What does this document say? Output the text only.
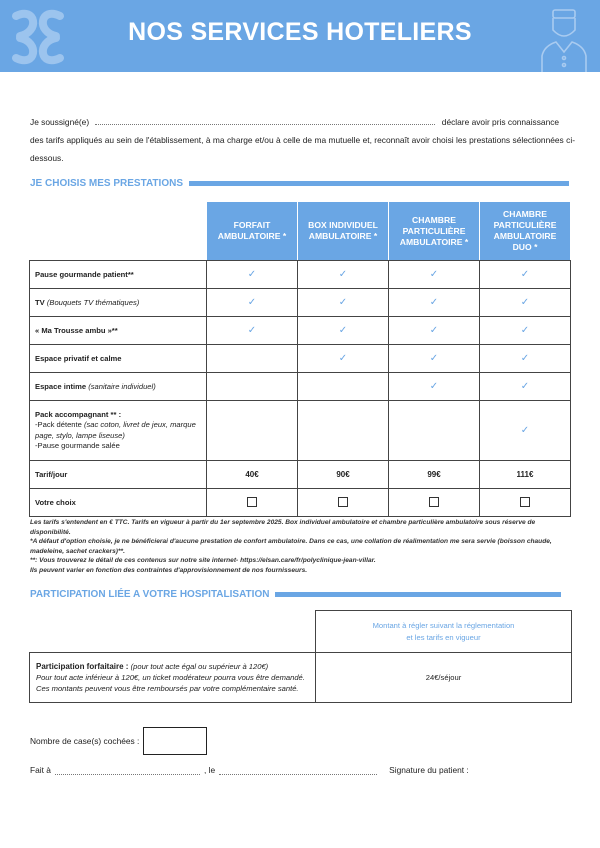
NOS SERVICES HOTELIERS
Je soussigné(e)	déclare avoir pris connaissance
des tarifs appliqués au sein de l'établissement, à ma charge et/ou à celle de ma mutuelle et, reconnaît avoir choisi les prestations sélectionnées ci-dessous.
JE CHOISIS MES PRESTATIONS
	FORFAIT AMBULATOIRE *	BOX INDIVIDUEL AMBULATOIRE *	CHAMBRE PARTICULIÈRE AMBULATOIRE *	CHAMBRE PARTICULIÈRE AMBULATOIRE DUO *
Pause gourmande patient**	✓	✓	✓	✓
TV (Bouquets TV thématiques)	✓	✓	✓	✓
« Ma Trousse ambu »**	✓	✓	✓	✓
Espace privatif et calme		✓	✓	✓
Espace intime (sanitaire individuel)			✓	✓
Pack accompagnant ** :
-Pack détente (sac coton, livret de jeux, marque page, stylo, lampe liseuse)
-Pause gourmande salée				✓
Tarif/jour	40€	90€	99€	111€
Votre choix				
Les tarifs s'entendent en € TTC. Tarifs en vigueur à partir du 1er septembre 2025. Box individuel ambulatoire et chambre particulière ambulatoire sous réserve de disponibilité.
*A défaut d'option choisie, je ne bénéficierai d'aucune prestation de confort ambulatoire. Dans ce cas, une collation de réalimentation me sera servie (boisson chaude, madeleine, sachet crackers)**.
**: Vous trouverez le détail de ces contenus sur notre site internet- https://elsan.care/fr/polyclinique-jean-villar.
Ils peuvent varier en fonction des contraintes d'approvisionnement de nos fournisseurs.
PARTICIPATION LIÉE A VOTRE HOSPITALISATION
	Montant à régler suivant la réglementation
et les tarifs en vigueur
Participation forfaitaire : (pour tout acte égal ou supérieur à 120€)
Pour tout acte inférieur à 120€, un ticket modérateur pourra vous être demandé.
Ces montants peuvent vous être remboursés par votre complémentaire santé.	24€/séjour
Nombre de case(s) cochées :
Fait à	, le	Signature du patient :
